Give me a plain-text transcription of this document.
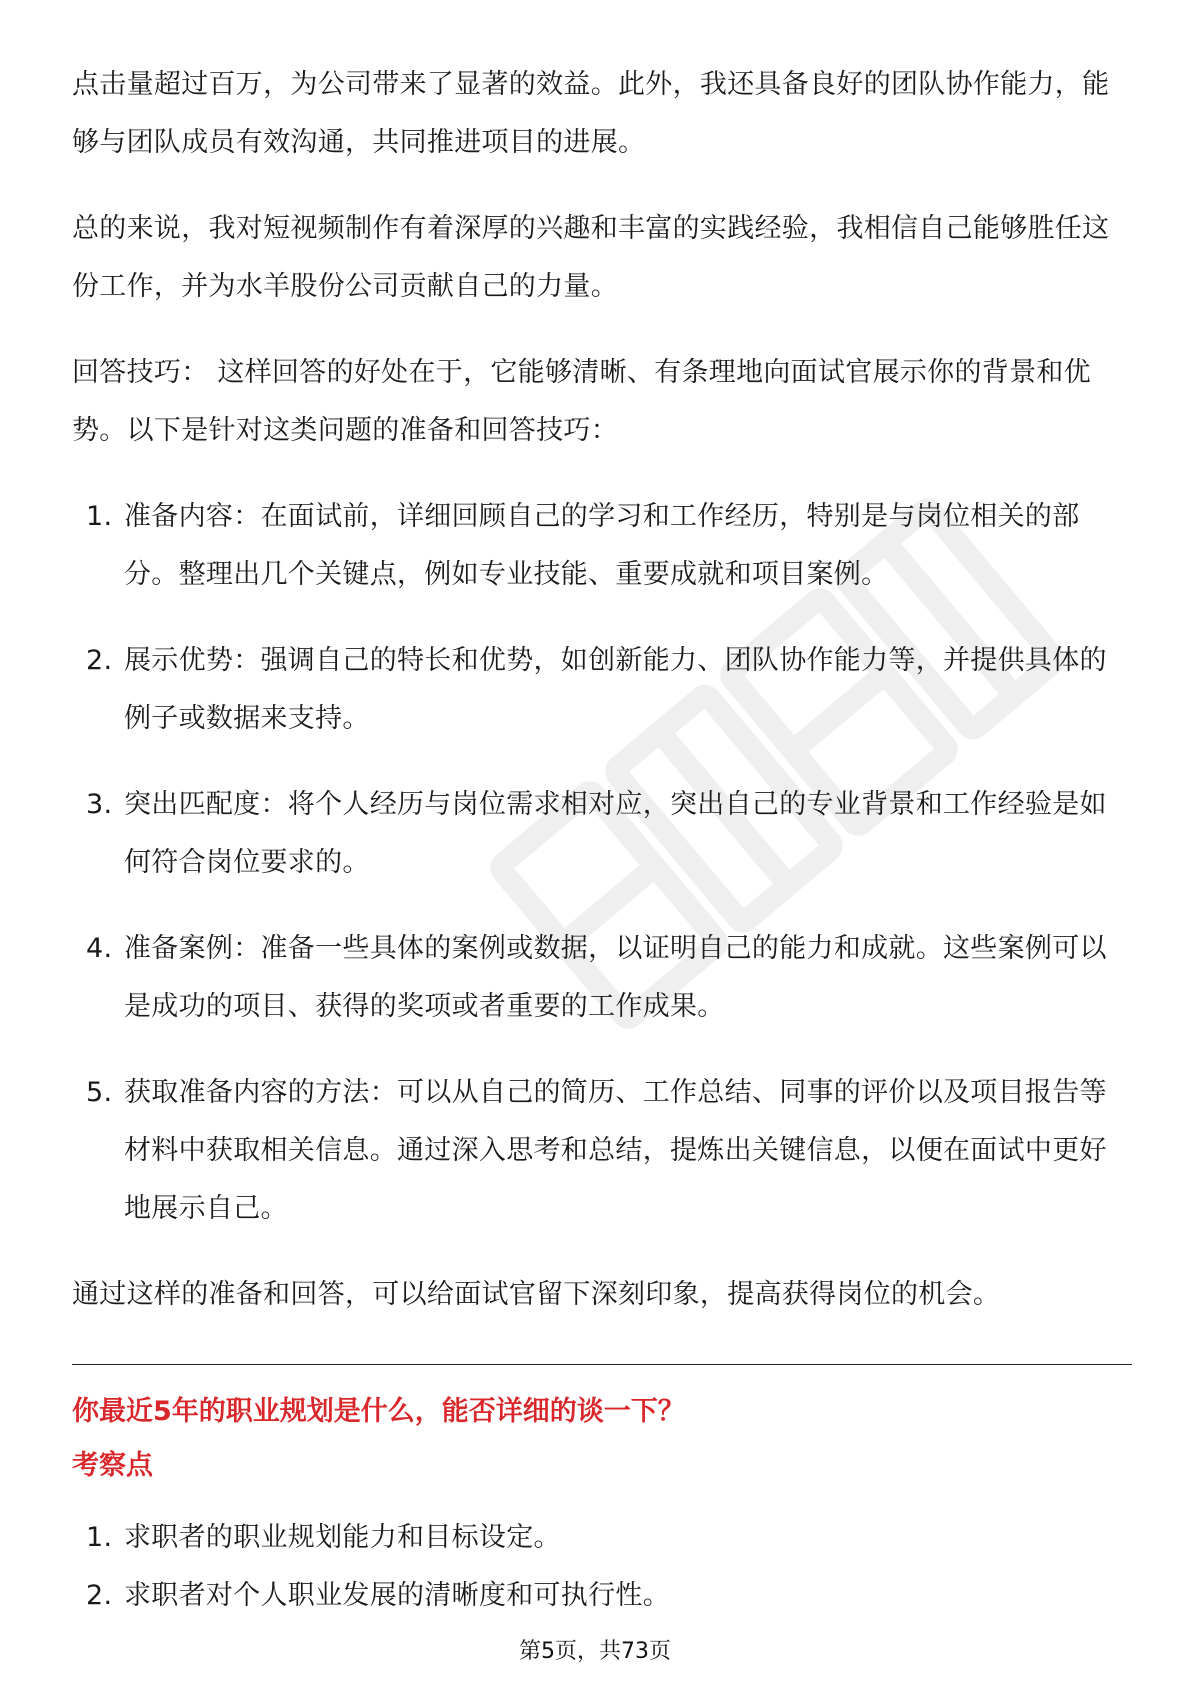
点击量超过百万，为公司带来了显著的效益。此外，我还具备良好的团队协作能力，能够与团队成员有效沟通，共同推进项目的进展。

总的来说，我对短视频制作有着深厚的兴趣和丰富的实践经验，我相信自己能够胜任这份工作，并为水羊股份公司贡献自己的力量。

回答技巧： 这样回答的好处在于，它能够清晰、有条理地向面试官展示你的背景和优势。以下是针对这类问题的准备和回答技巧：

1. 准备内容：在面试前，详细回顾自己的学习和工作经历，特别是与岗位相关的部分。整理出几个关键点，例如专业技能、重要成就和项目案例。
2. 展示优势：强调自己的特长和优势，如创新能力、团队协作能力等，并提供具体的例子或数据来支持。
3. 突出匹配度：将个人经历与岗位需求相对应，突出自己的专业背景和工作经验是如何符合岗位要求的。
4. 准备案例：准备一些具体的案例或数据，以证明自己的能力和成就。这些案例可以是成功的项目、获得的奖项或者重要的工作成果。
5. 获取准备内容的方法：可以从自己的简历、工作总结、同事的评价以及项目报告等材料中获取相关信息。通过深入思考和总结，提炼出关键信息，以便在面试中更好地展示自己。

通过这样的准备和回答，可以给面试官留下深刻印象，提高获得岗位的机会。

你最近5年的职业规划是什么，能否详细的谈一下？

考察点

1. 求职者的职业规划能力和目标设定。
2. 求职者对个人职业发展的清晰度和可执行性。
第5页，共73页
